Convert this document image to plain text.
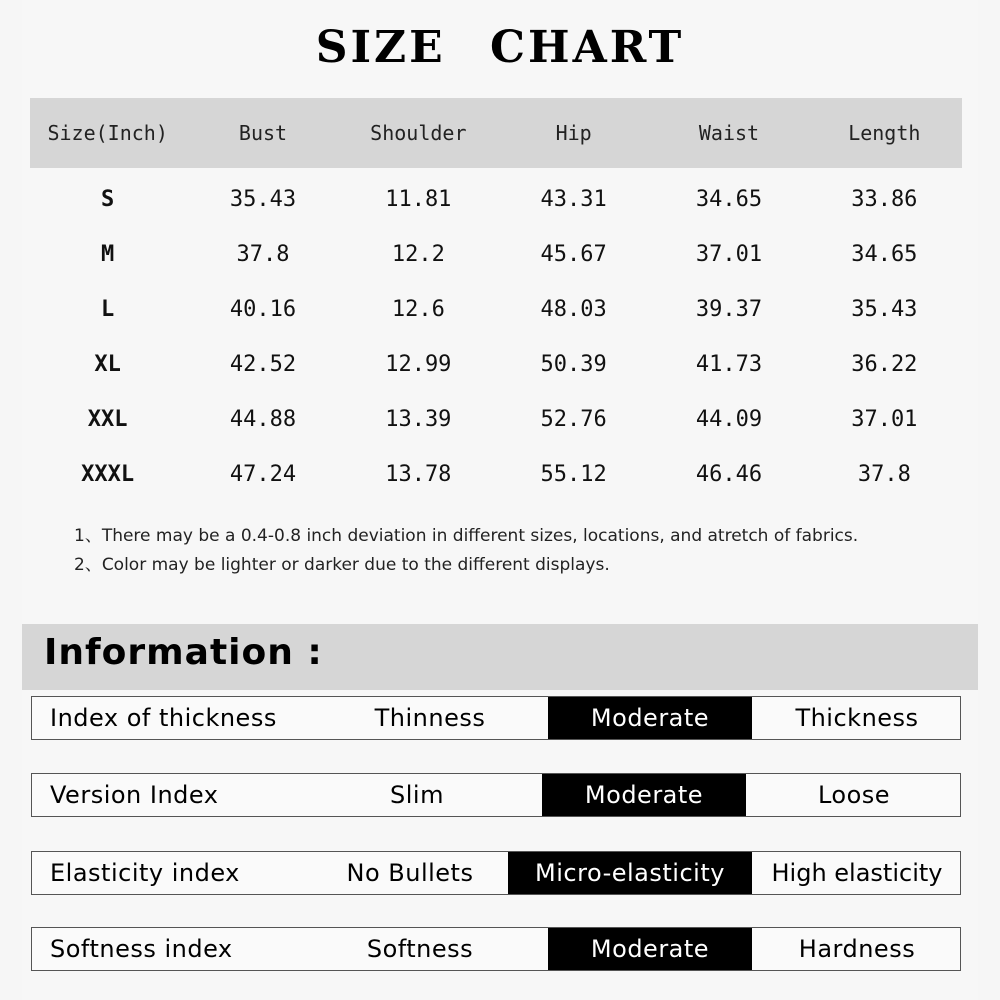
SIZE CHART
Size(Inch)	Bust	Shoulder	Hip	Waist	Length
S	35.43	11.81	43.31	34.65	33.86
M	37.8	12.2	45.67	37.01	34.65
L	40.16	12.6	48.03	39.37	35.43
XL	42.52	12.99	50.39	41.73	36.22
XXL	44.88	13.39	52.76	44.09	37.01
XXXL	47.24	13.78	55.12	46.46	37.8
1、There may be a 0.4-0.8 inch deviation in different sizes, locations, and atretch of fabrics.
2、Color may be lighter or darker due to the different displays.
Information :
Index of thickness	Thinness	Moderate	Thickness
Version Index	Slim	Moderate	Loose
Elasticity index	No Bullets	Micro-elasticity	High elasticity
Softness index	Softness	Moderate	Hardness
